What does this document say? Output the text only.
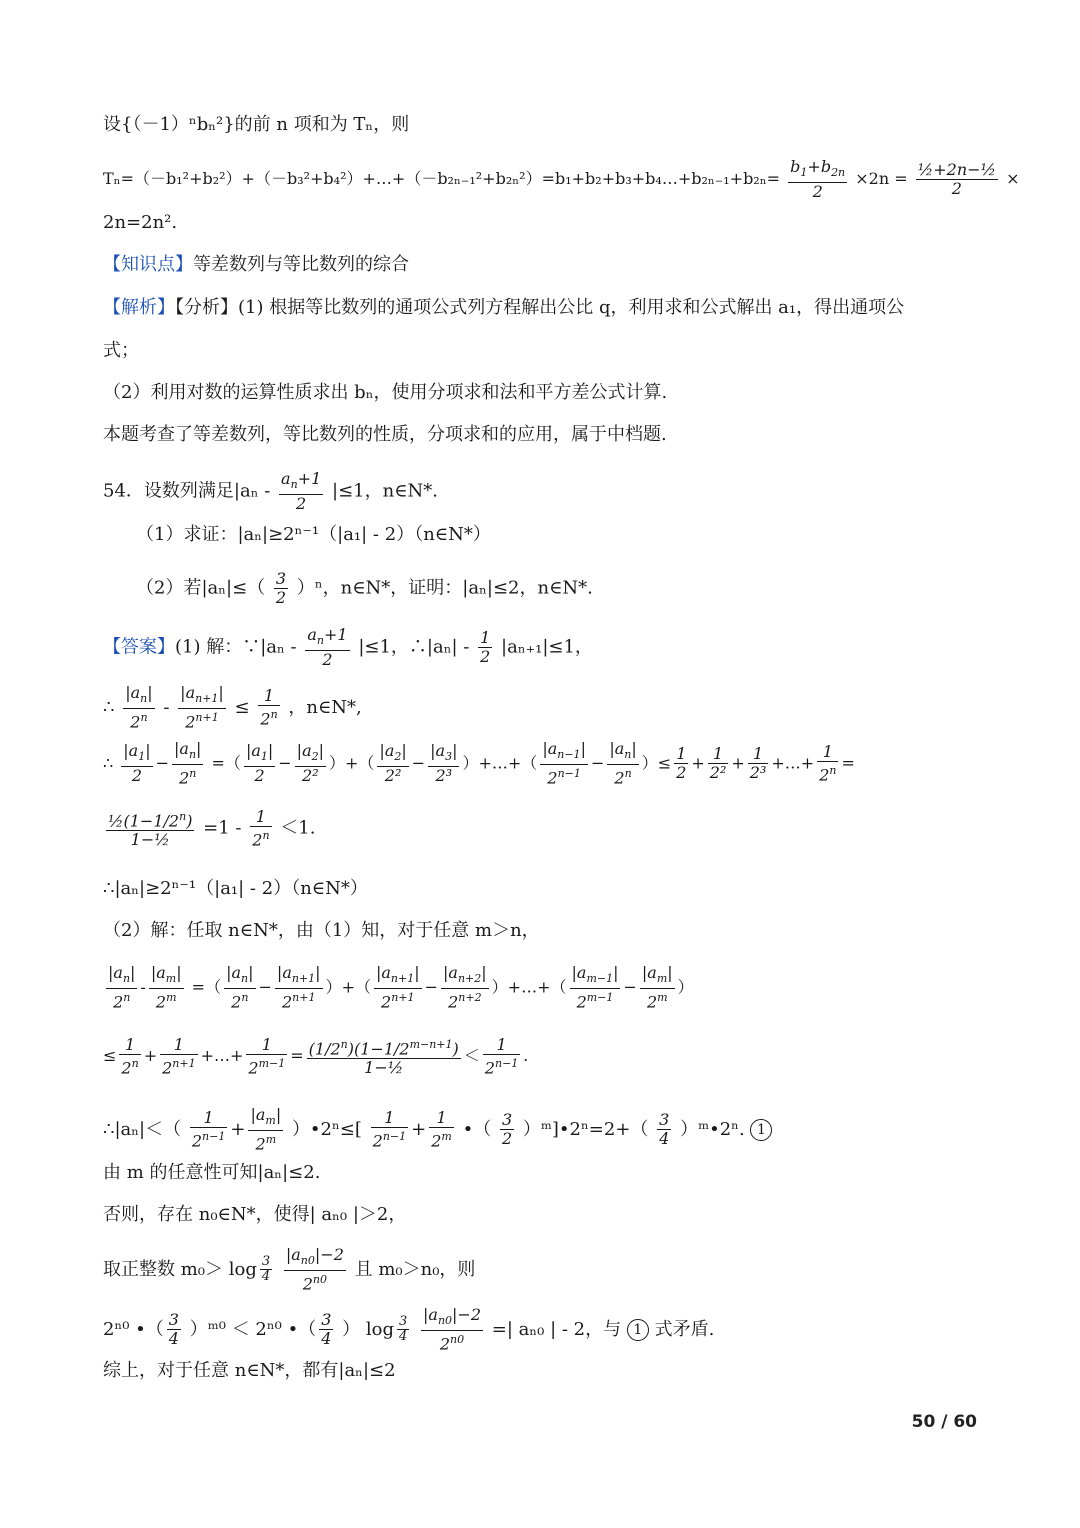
设{（－1）ⁿbₙ²}的前 n 项和为 Tₙ，则
Tₙ=（－b₁²+b₂²）+（－b₃²+b₄²）+…+（－b₂ₙ₋₁²+b₂ₙ²）=b₁+b₂+b₃+b₄…+b₂ₙ₋₁+b₂ₙ= $\frac{b_1+b_{2n}}{2} \times 2n = \frac{\text{½+2n−½}}{2}$ ×
2n=2n².
【知识点】等差数列与等比数列的综合
【解析】【分析】(1) 根据等比数列的通项公式列方程解出公比 q，利用求和公式解出 a₁，得出通项公
式；
（2）利用对数的运算性质求出 bₙ，使用分项求和法和平方差公式计算.
本题考查了等差数列，等比数列的性质，分项求和的应用，属于中档题.
54．设数列满足$|a_n - \frac{a_n+1}{2} |\le 1$，n∈N*.
（1）求证：|aₙ|≥2ⁿ⁻¹（|a₁| - 2）（n∈N*）
（2）若$|a_n|\le( \frac{3}{2} )^n$，n∈N*，证明：|aₙ|≤2，n∈N*.
【答案】(1) 解：∵|aₙ - $\frac{a_n+1}{2} |\le 1$，∴|aₙ| - $\frac{1}{2} |a_{n+1}|\le 1$，
∴ $\frac{|a_n|}{2^n} - \frac{|a_{n+1}|}{2^{n+1}} \le \frac{1}{2^n}$ ，n∈N*,
∴ $\frac{|a_1|}{2} - \frac{|a_n|}{2^n}$ =（ $\frac{|a_1|}{2} - \frac{|a_2|}{\text{2²}}$ ）+（ $\frac{|a_2|}{\text{2²}} - \frac{|a_3|}{\text{2³}}$ ）+…+（ $\frac{|a_{n-1}|}{2^{n-1}} - \frac{|a_n|}{2^n}$ ）≤ $\frac{1}{2} + \frac{1}{\text{2²}} + \frac{1}{\text{2³}}$ +…+ $\frac{1}{2^n}$ =
$\frac{\frac{1}{2}(1-1/2^n)}{\text{1−½}} =1 - \frac{1}{2^n} <1$.
∴|aₙ|≥2ⁿ⁻¹（|a₁| - 2）（n∈N*）
（2）解：任取 n∈N*，由（1）知，对于任意 m＞n，
$\frac{|a_n|}{2^n} - \frac{|a_m|}{2^m}$ =（ $\frac{|a_n|}{2^n} - \frac{|a_{n+1}|}{2^{n+1}}$ ）+（ $\frac{|a_{n+1}|}{2^{n+1}} - \frac{|a_{n+2}|}{2^{n+2}}$ ）+…+（ $\frac{|a_{m-1}|}{2^{m-1}} - \frac{|a_m|}{2^m}$ ）
≤ $\frac{1}{2^n} + \frac{1}{2^{n+1}}$ +…+ $\frac{1}{2^{m-1}} = \frac{(1/2^n)(1-1/2^{m-n+1})}{\text{1−½}} < \frac{1}{2^{n-1}}$ .
∴|aₙ|＜（ $\frac{1}{2^{n-1}} + \frac{|a_m|}{2^m}$ ）•2ⁿ≤[ $\frac{1}{2^{n-1}} + \frac{1}{2^m}$ •（ $\frac{3}{2}$ ）ᵐ]•2ⁿ=2+（ $\frac{3}{4}$ ）ᵐ•2ⁿ. 1
由 m 的任意性可知|aₙ|≤2.
否则，存在 n₀∈N*，使得| aₙ₀ |＞2，
取正整数 $m_0> \log \frac{3}{4}$
$\frac{|a_{n0}|-2}{2^{n0}}$ 且 m₀＞n₀，则
2ⁿ⁰ •（ $\frac{3}{4}$ ）ᵐ⁰ ＜ 2ⁿ⁰ •（ $\frac{3}{4}$ ） $\log \frac{3}{4}$
$\frac{|a_{n0}|-2}{2^{n0}}$ =| aₙ₀ | - 2，与 1 式矛盾.
综上，对于任意 n∈N*，都有|aₙ|≤2
50 / 60
